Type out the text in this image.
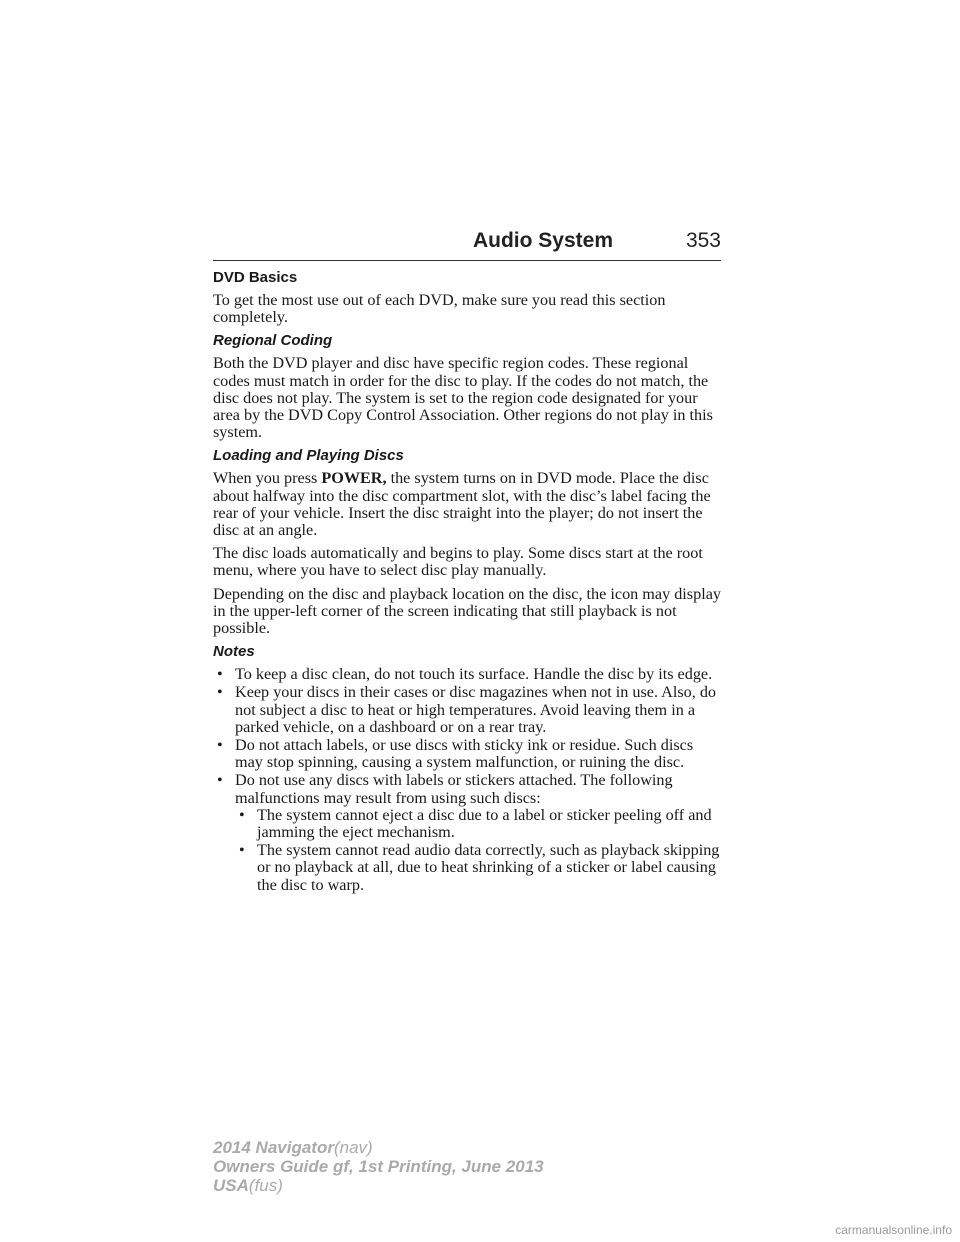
Audio System	353
DVD Basics

To get the most use out of each DVD, make sure you read this section completely.

Regional Coding

Both the DVD player and disc have specific region codes. These regional codes must match in order for the disc to play. If the codes do not match, the disc does not play. The system is set to the region code designated for your area by the DVD Copy Control Association. Other regions do not play in this system.

Loading and Playing Discs

When you press POWER, the system turns on in DVD mode. Place the disc about halfway into the disc compartment slot, with the disc’s label facing the rear of your vehicle. Insert the disc straight into the player; do not insert the disc at an angle.

The disc loads automatically and begins to play. Some discs start at the root menu, where you have to select disc play manually.

Depending on the disc and playback location on the disc, the icon may display in the upper-left corner of the screen indicating that still playback is not possible.

Notes
• To keep a disc clean, do not touch its surface. Handle the disc by its edge.
• Keep your discs in their cases or disc magazines when not in use. Also, do not subject a disc to heat or high temperatures. Avoid leaving them in a parked vehicle, on a dashboard or on a rear tray.
• Do not attach labels, or use discs with sticky ink or residue. Such discs may stop spinning, causing a system malfunction, or ruining the disc.
• Do not use any discs with labels or stickers attached. The following malfunctions may result from using such discs:
• The system cannot eject a disc due to a label or sticker peeling off and jamming the eject mechanism.
• The system cannot read audio data correctly, such as playback skipping or no playback at all, due to heat shrinking of a sticker or label causing the disc to warp.
2014 Navigator(nav)
Owners Guide gf, 1st Printing, June 2013
USA(fus)
carmanualsonline.info
